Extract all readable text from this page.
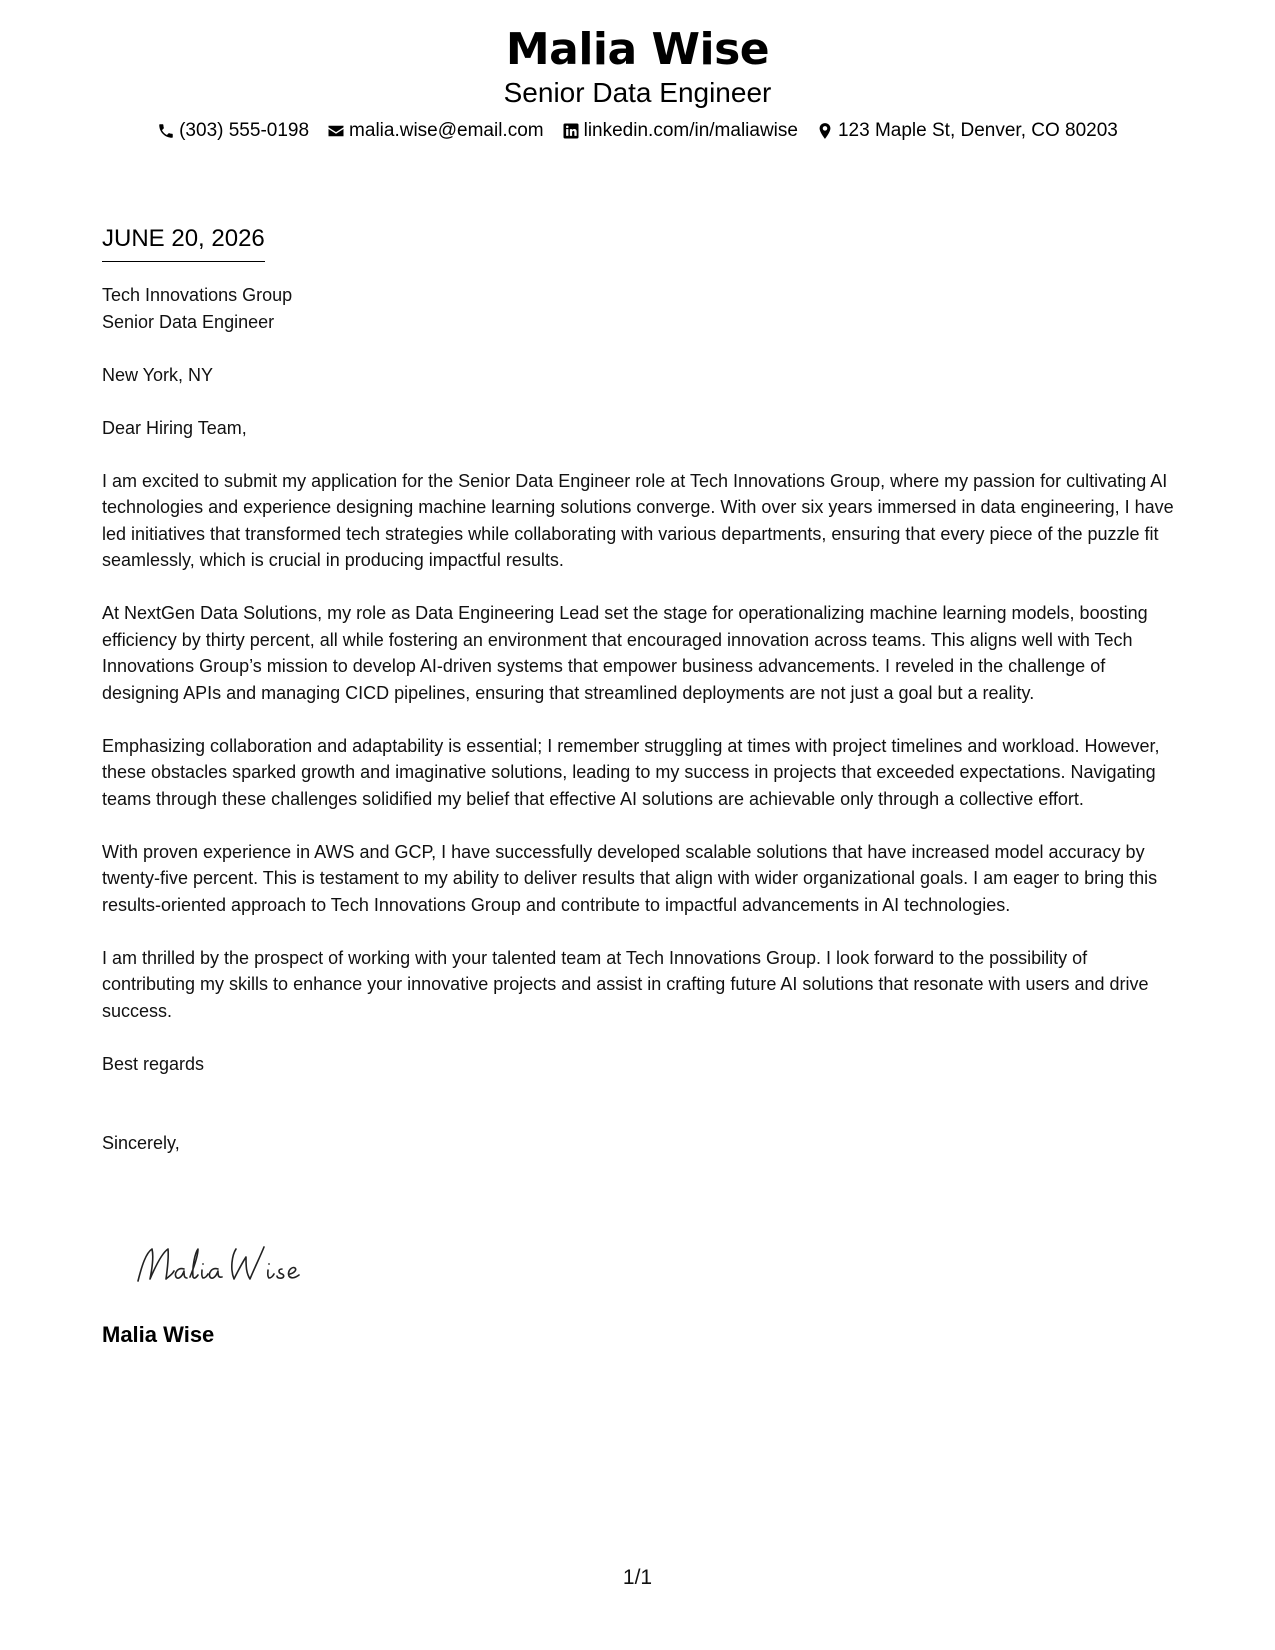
Malia Wise
Senior Data Engineer
(303) 555-0198 malia.wise@email.com linkedin.com/in/maliawise 123 Maple St, Denver, CO 80203
JUNE 20, 2026

Tech Innovations Group

Senior Data Engineer

New York, NY

Dear Hiring Team,

I am excited to submit my application for the Senior Data Engineer role at Tech Innovations Group, where my passion for cultivating AI technologies and experience designing machine learning solutions converge. With over six years immersed in data engineering, I have led initiatives that transformed tech strategies while collaborating with various departments, ensuring that every piece of the puzzle fit seamlessly, which is crucial in producing impactful results.

At NextGen Data Solutions, my role as Data Engineering Lead set the stage for operationalizing machine learning models, boosting efficiency by thirty percent, all while fostering an environment that encouraged innovation across teams. This aligns well with Tech Innovations Group’s mission to develop AI-driven systems that empower business advancements. I reveled in the challenge of designing APIs and managing CICD pipelines, ensuring that streamlined deployments are not just a goal but a reality.

Emphasizing collaboration and adaptability is essential; I remember struggling at times with project timelines and workload. However, these obstacles sparked growth and imaginative solutions, leading to my success in projects that exceeded expectations. Navigating teams through these challenges solidified my belief that effective AI solutions are achievable only through a collective effort.

With proven experience in AWS and GCP, I have successfully developed scalable solutions that have increased model accuracy by twenty-five percent. This is testament to my ability to deliver results that align with wider organizational goals. I am eager to bring this results-oriented approach to Tech Innovations Group and contribute to impactful advancements in AI technologies.

I am thrilled by the prospect of working with your talented team at Tech Innovations Group. I look forward to the possibility of contributing my skills to enhance your innovative projects and assist in crafting future AI solutions that resonate with users and drive success.

Best regards

Sincerely,

Malia Wise
1/1
